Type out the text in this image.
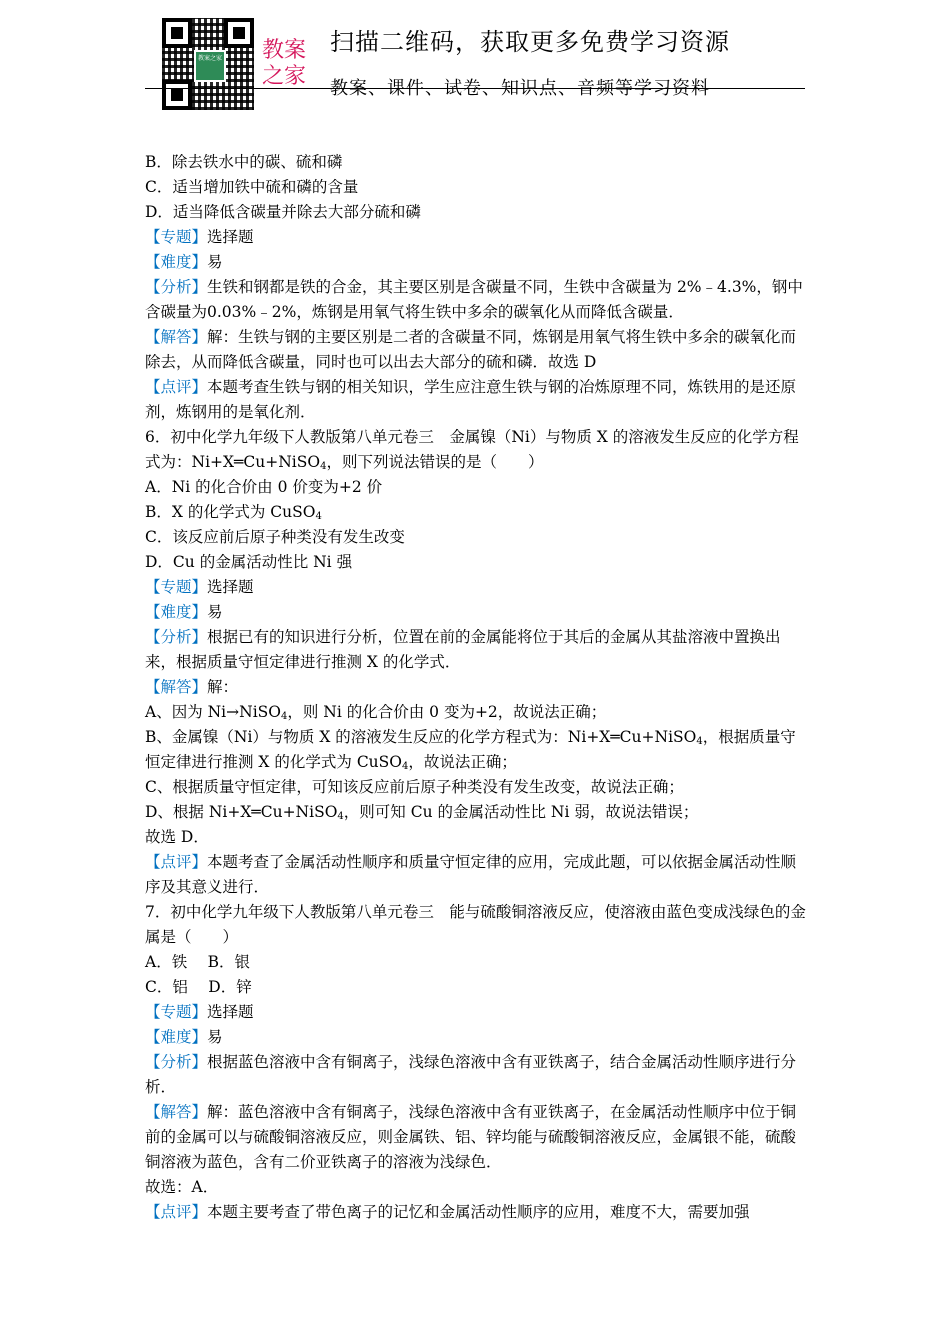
教案之家 教案
之家
扫描二维码，获取更多免费学习资源
教案、课件、试卷、知识点、音频等学习资料

B．除去铁水中的碳、硫和磷

C．适当增加铁中硫和磷的含量

D．适当降低含碳量并除去大部分硫和磷

【专题】选择题

【难度】易

【分析】生铁和钢都是铁的合金，其主要区别是含碳量不同，生铁中含碳量为 2%﹣4.3%，钢中含碳量为0.03%﹣2%，炼钢是用氧气将生铁中多余的碳氧化从而降低含碳量．

【解答】解：生铁与钢的主要区别是二者的含碳量不同，炼钢是用氧气将生铁中多余的碳氧化而除去，从而降低含碳量，同时也可以出去大部分的硫和磷．故选 D

【点评】本题考查生铁与钢的相关知识，学生应注意生铁与钢的冶炼原理不同，炼铁用的是还原剂，炼钢用的是氧化剂．

6．初中化学九年级下人教版第八单元卷三　金属镍（Ni）与物质 X 的溶液发生反应的化学方程式为：Ni+X═Cu+NiSO$_4$，则下列说法错误的是（　　）

A．Ni 的化合价由 0 价变为+2 价

B．X 的化学式为 CuSO$_4$

C．该反应前后原子种类没有发生改变

D．Cu 的金属活动性比 Ni 强

【专题】选择题

【难度】易

【分析】根据已有的知识进行分析，位置在前的金属能将位于其后的金属从其盐溶液中置换出来，根据质量守恒定律进行推测 X 的化学式．

【解答】解：

A、因为 Ni→NiSO$_4$，则 Ni 的化合价由 0 变为+2，故说法正确；

B、金属镍（Ni）与物质 X 的溶液发生反应的化学方程式为：Ni+X═Cu+NiSO$_4$，根据质量守恒定律进行推测 X 的化学式为 CuSO$_4$，故说法正确；

C、根据质量守恒定律，可知该反应前后原子种类没有发生改变，故说法正确；

D、根据 Ni+X═Cu+NiSO$_4$，则可知 Cu 的金属活动性比 Ni 弱，故说法错误；

故选 D．

【点评】本题考查了金属活动性顺序和质量守恒定律的应用，完成此题，可以依据金属活动性顺序及其意义进行．

7．初中化学九年级下人教版第八单元卷三　能与硫酸铜溶液反应，使溶液由蓝色变成浅绿色的金属是（　　）

A．铁　 B．银

C．铝　 D．锌

【专题】选择题

【难度】易

【分析】根据蓝色溶液中含有铜离子，浅绿色溶液中含有亚铁离子，结合金属活动性顺序进行分析．

【解答】解：蓝色溶液中含有铜离子，浅绿色溶液中含有亚铁离子，在金属活动性顺序中位于铜前的金属可以与硫酸铜溶液反应，则金属铁、铝、锌均能与硫酸铜溶液反应，金属银不能，硫酸铜溶液为蓝色，含有二价亚铁离子的溶液为浅绿色．

故选：A．

【点评】本题主要考查了带色离子的记忆和金属活动性顺序的应用，难度不大，需要加强
